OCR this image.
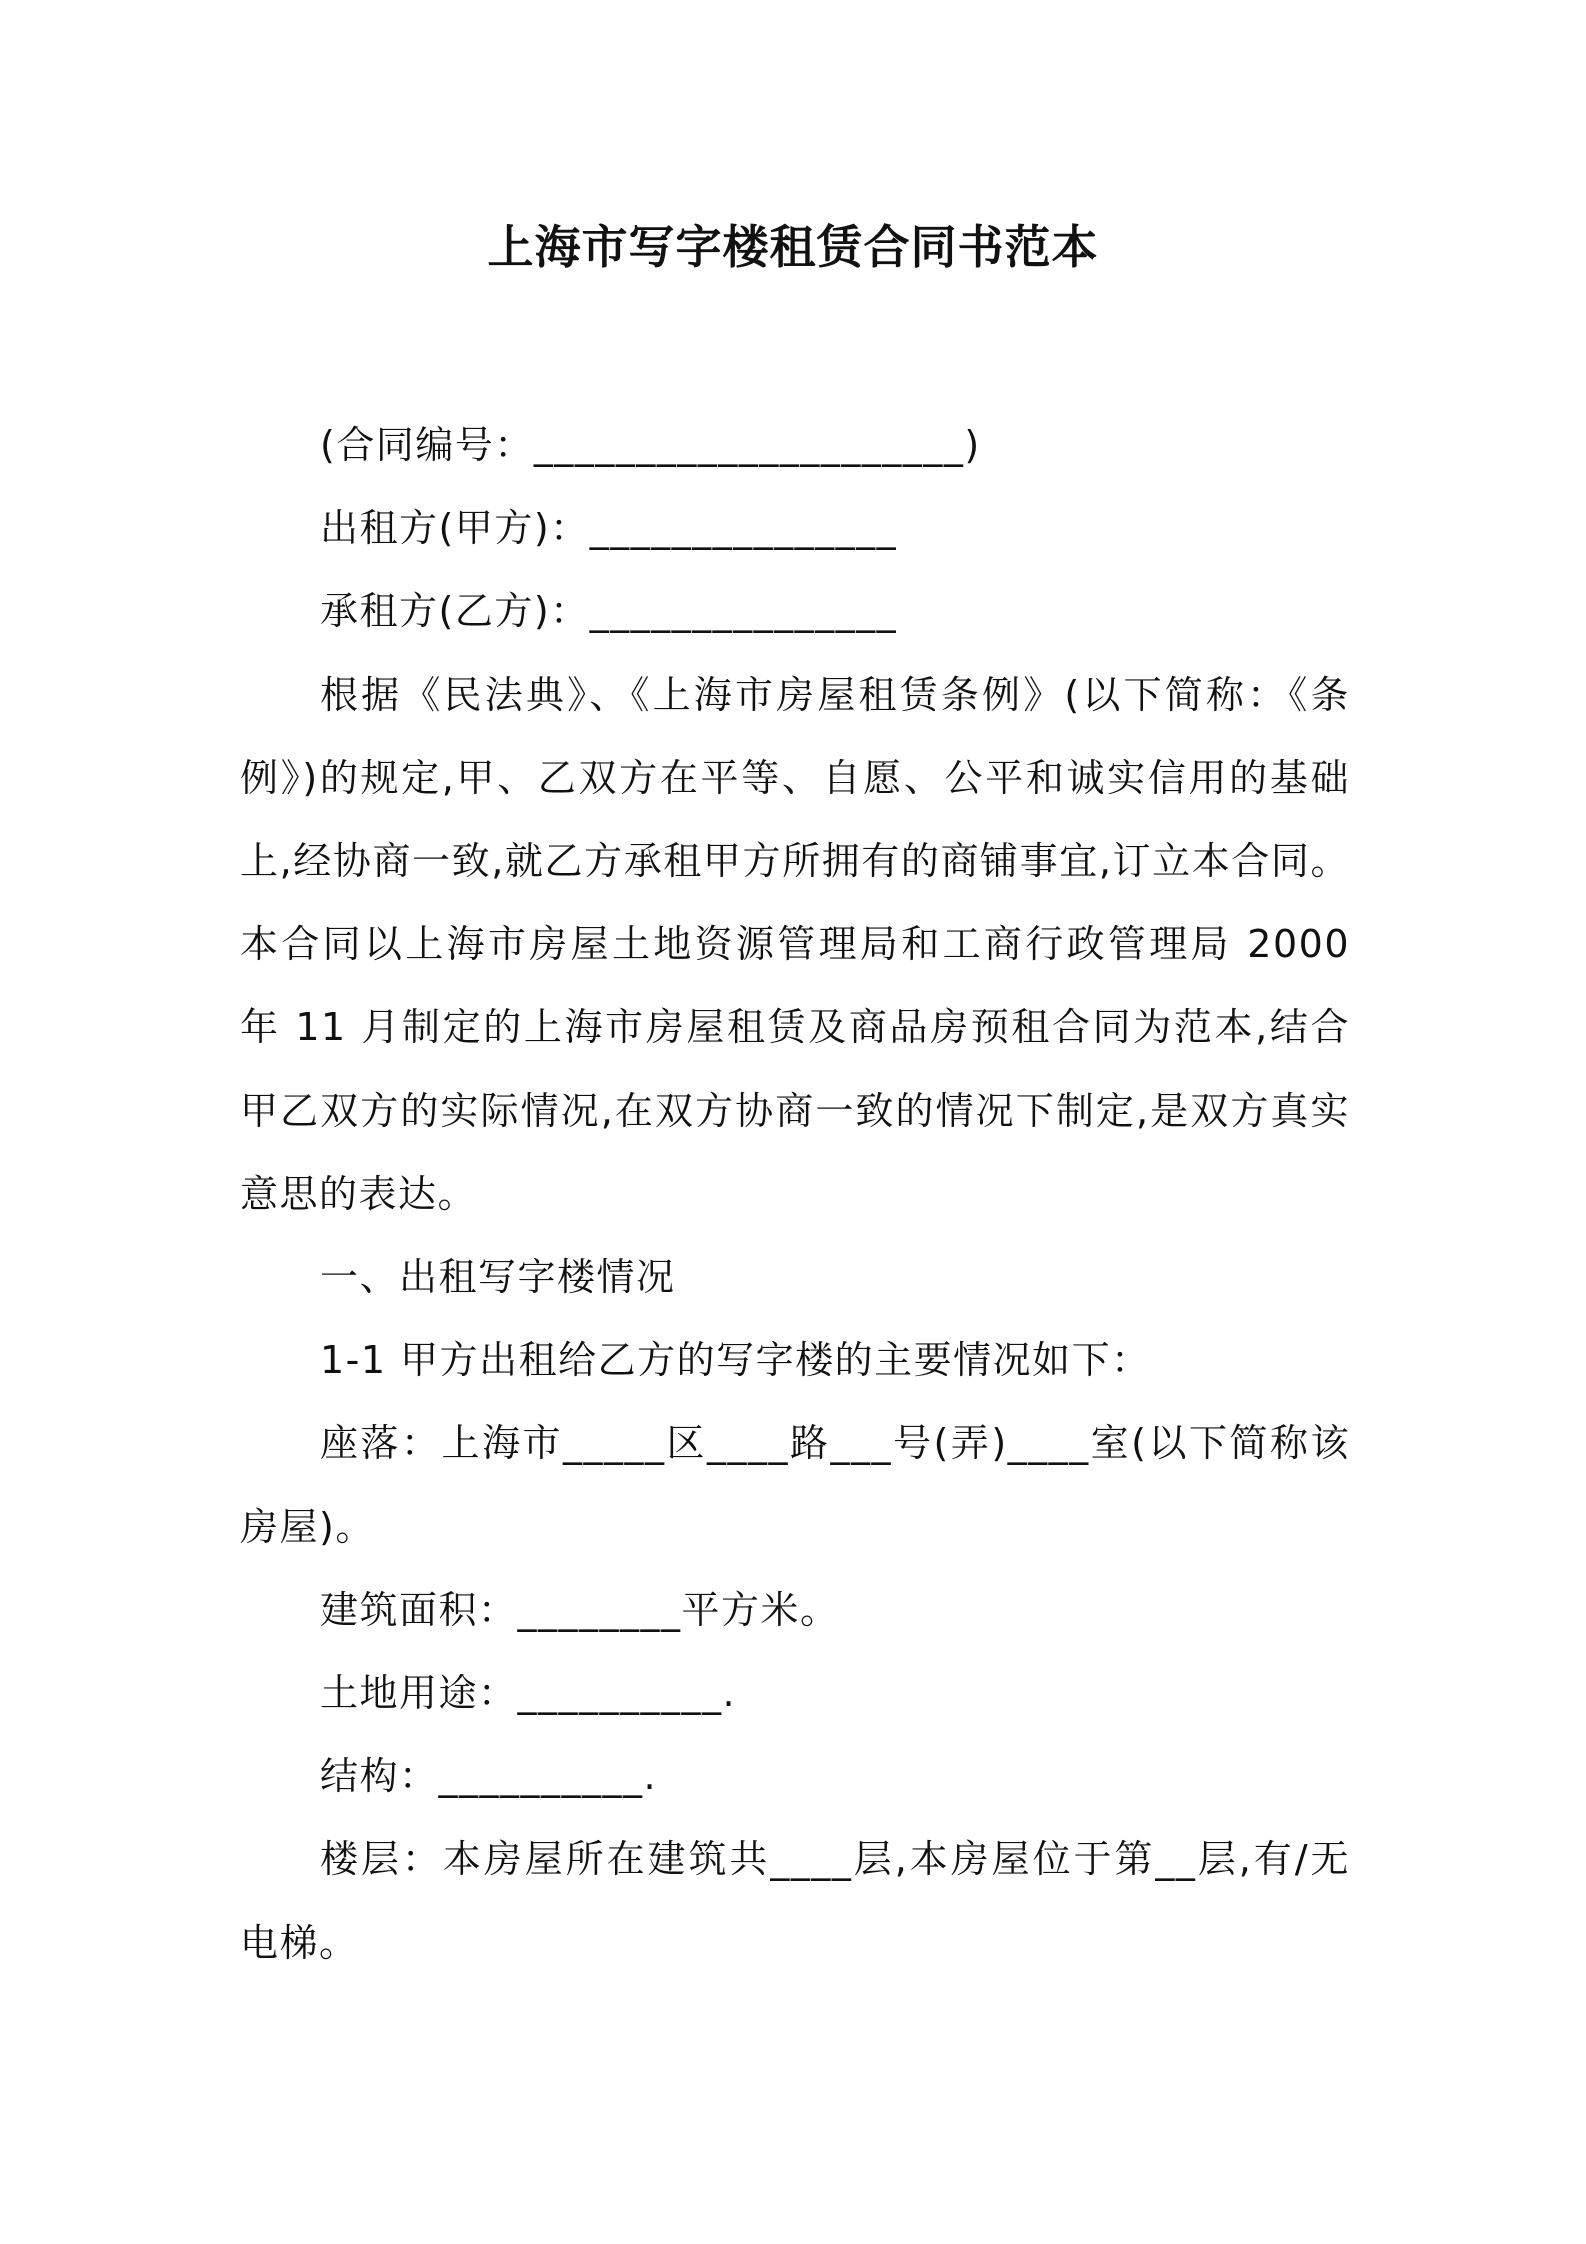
上海市写字楼租赁合同书范本

(合同编号：_____________________)

出租方(甲方)：_______________

承租方(乙方)：_______________

根据《民法典》、《上海市房屋租赁条例》(以下简称：《条例》)的规定,甲、乙双方在平等、自愿、公平和诚实信用的基础上,经协商一致,就乙方承租甲方所拥有的商铺事宜,订立本合同。本合同以上海市房屋土地资源管理局和工商行政管理局 2000 年 11 月制定的上海市房屋租赁及商品房预租合同为范本,结合甲乙双方的实际情况,在双方协商一致的情况下制定,是双方真实意思的表达。

一、出租写字楼情况

1-1 甲方出租给乙方的写字楼的主要情况如下：

座落：上海市_____区____路___号(弄)____室(以下简称该房屋)。

建筑面积：________平方米。

土地用途：__________.

结构：__________.

楼层：本房屋所在建筑共____层,本房屋位于第__层,有/无电梯。
